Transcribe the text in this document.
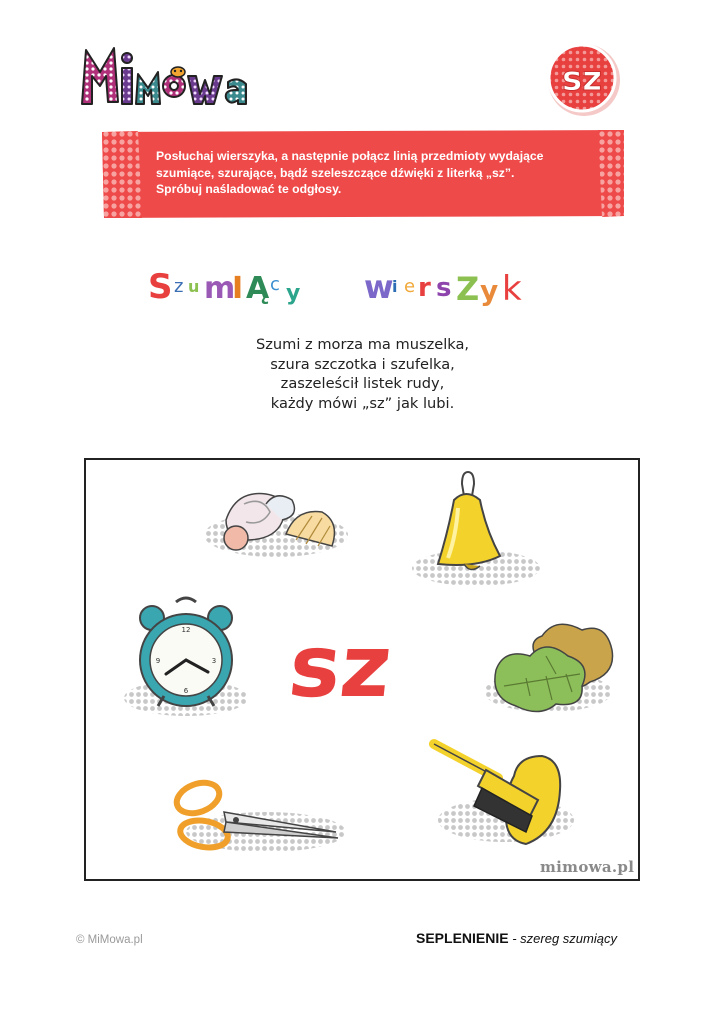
sz
Posłuchaj wierszyka, a następnie połącz linią przedmioty wydające
szumiące, szurające, bądź szeleszczące dźwięki z literką „sz”.
Spróbuj naśladować te odgłosy.
S z u m
I Ą c y w
i e r s Z y k
Szumi z morza ma muszelka,
szura szczotka i szufelka,
zaszeleścił listek rudy,
każdy mówi „sz” jak lubi.
12
3
6
9 sz
mimowa.pl
© MiMowa.pl	SEPLENIENIE - szereg szumiący
